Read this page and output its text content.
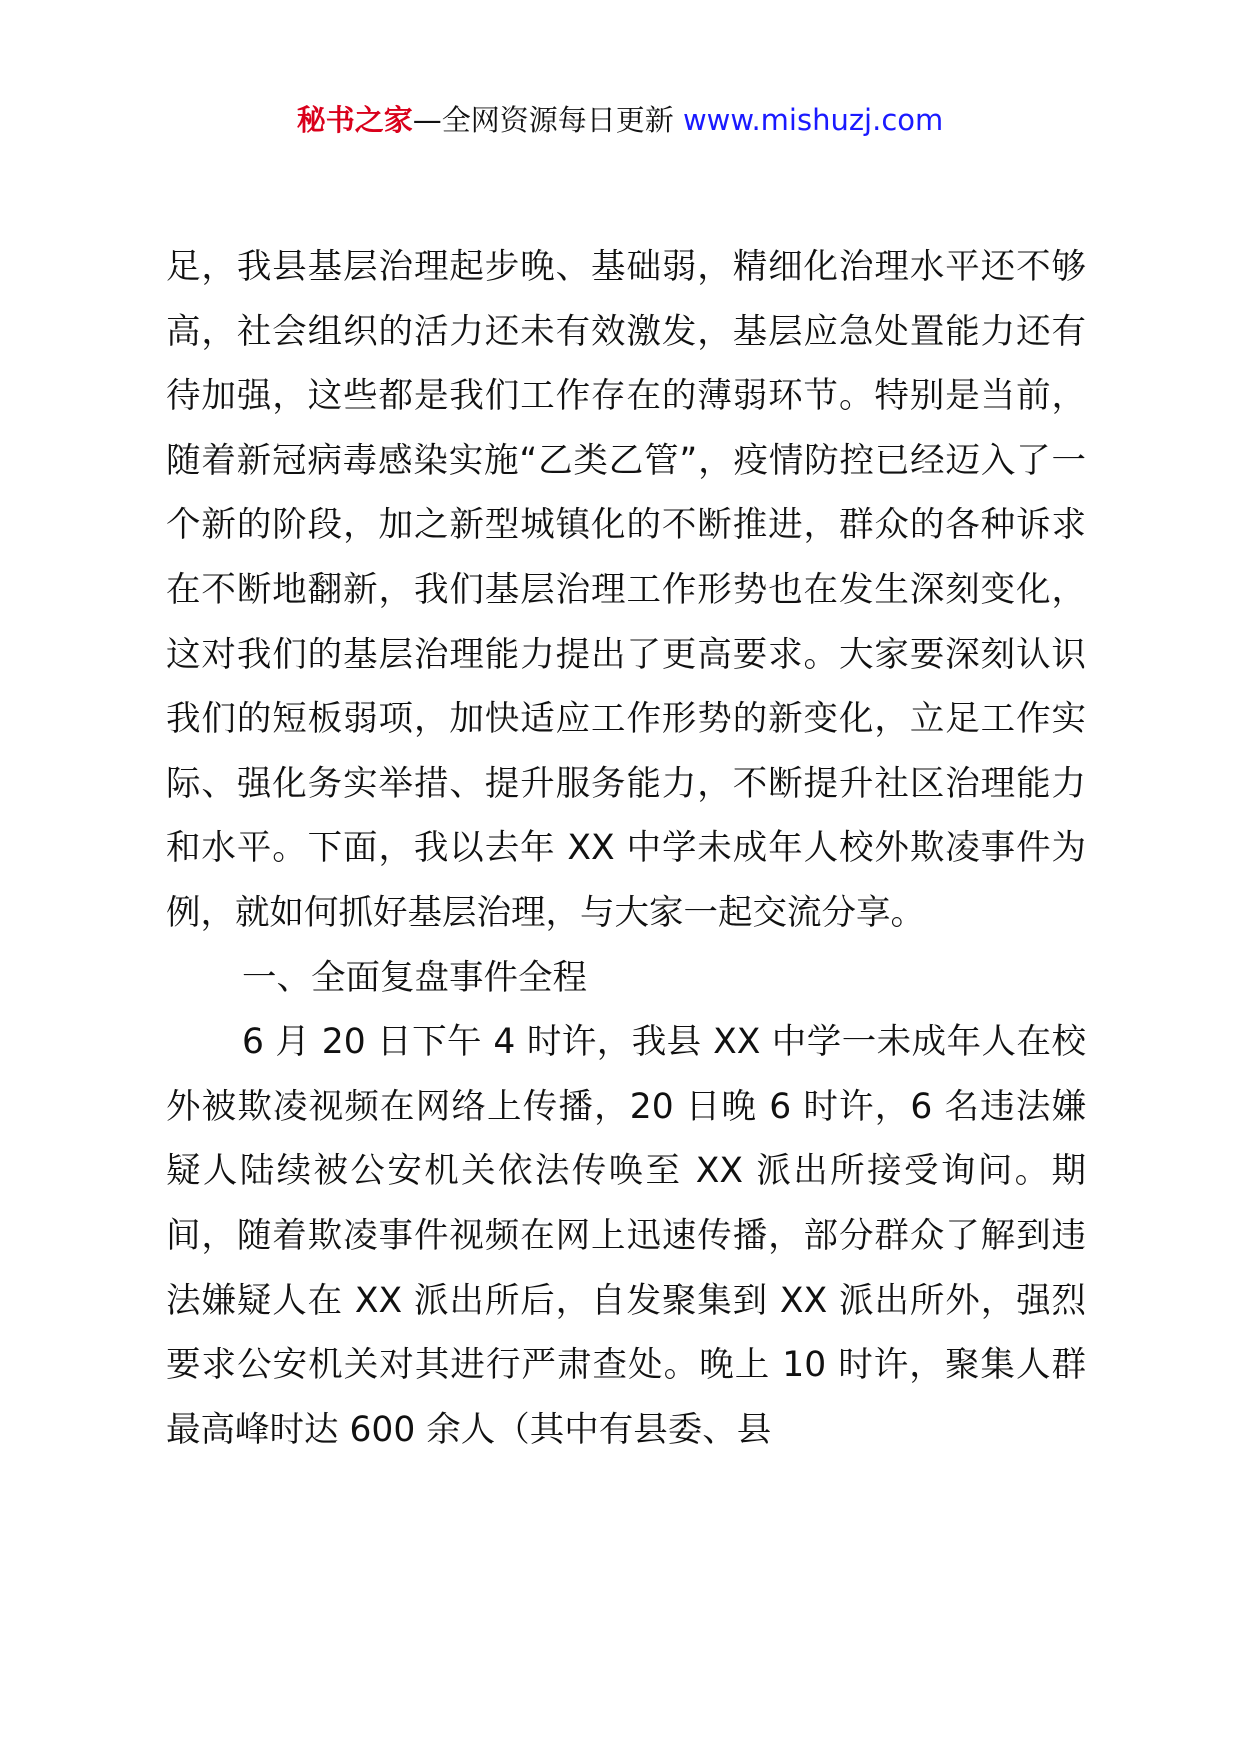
秘书之家—全网资源每日更新 www.mishuzj.com

足，我县基层治理起步晚、基础弱，精细化治理水平还不够高，社会组织的活力还未有效激发，基层应急处置能力还有待加强，这些都是我们工作存在的薄弱环节。特别是当前，随着新冠病毒感染实施“乙类乙管”，疫情防控已经迈入了一个新的阶段，加之新型城镇化的不断推进，群众的各种诉求在不断地翻新，我们基层治理工作形势也在发生深刻变化，这对我们的基层治理能力提出了更高要求。大家要深刻认识我们的短板弱项，加快适应工作形势的新变化，立足工作实际、强化务实举措、提升服务能力，不断提升社区治理能力和水平。下面，我以去年 XX 中学未成年人校外欺凌事件为例，就如何抓好基层治理，与大家一起交流分享。

一、全面复盘事件全程

6 月 20 日下午 4 时许，我县 XX 中学一未成年人在校外被欺凌视频在网络上传播，20 日晚 6 时许，6 名违法嫌疑人陆续被公安机关依法传唤至 XX 派出所接受询问。期间，随着欺凌事件视频在网上迅速传播，部分群众了解到违法嫌疑人在 XX 派出所后，自发聚集到 XX 派出所外，强烈要求公安机关对其进行严肃查处。晚上 10 时许，聚集人群最高峰时达 600 余人（其中有县委、县
